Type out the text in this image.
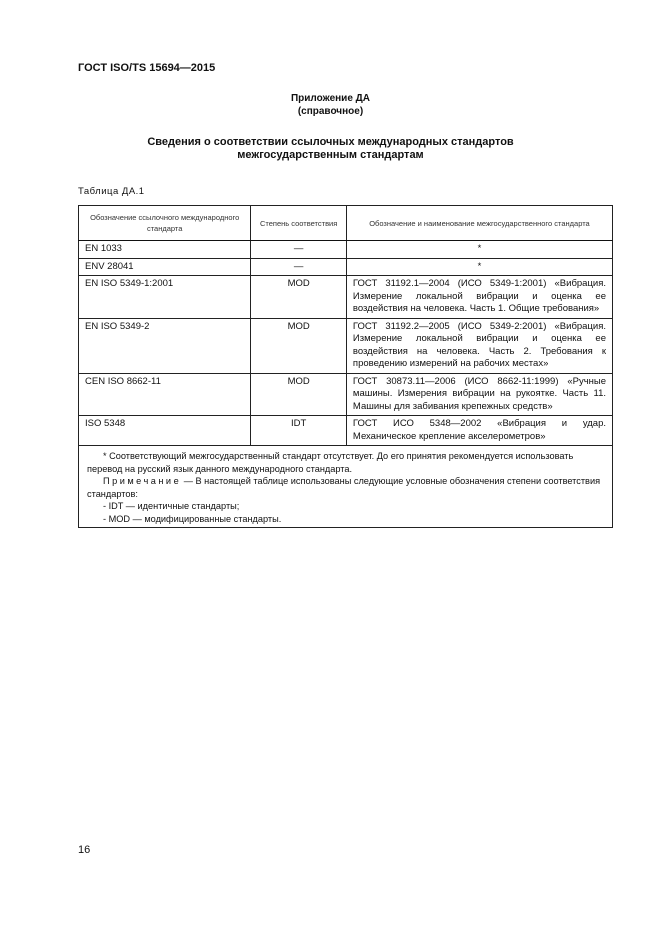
ГОСТ ISO/TS 15694—2015
Приложение ДА
(справочное)
Сведения о соответствии ссылочных международных стандартов межгосударственным стандартам
Таблица ДА.1
Обозначение ссылочного международного стандарта	Степень соответствия	Обозначение и наименование межгосударственного стандарта
EN 1033	—	*
ENV 28041	—	*
EN ISO 5349-1:2001	MOD	ГОСТ 31192.1—2004 (ИСО 5349-1:2001) «Вибрация. Измерение локальной вибрации и оценка ее воздействия на человека. Часть 1. Общие требования»
EN ISO 5349-2	MOD	ГОСТ 31192.2—2005 (ИСО 5349-2:2001) «Вибрация. Измерение локальной вибрации и оценка ее воздействия на человека. Часть 2. Требования к проведению измерений на рабочих местах»
CEN ISO 8662-11	MOD	ГОСТ 30873.11—2006 (ИСО 8662-11:1999) «Ручные машины. Измерения вибрации на рукоятке. Часть 11. Машины для забивания крепежных средств»
ISO 5348	IDT	ГОСТ ИСО 5348—2002 «Вибрация и удар. Механическое крепление акселерометров»

* Соответствующий межгосударственный стандарт отсутствует. До его принятия рекомендуется использовать перевод на русский язык данного международного стандарта.

Примечание — В настоящей таблице использованы следующие условные обозначения степени соответствия стандартов:

- IDT — идентичные стандарты;

- MOD — модифицированные стандарты.		

16
